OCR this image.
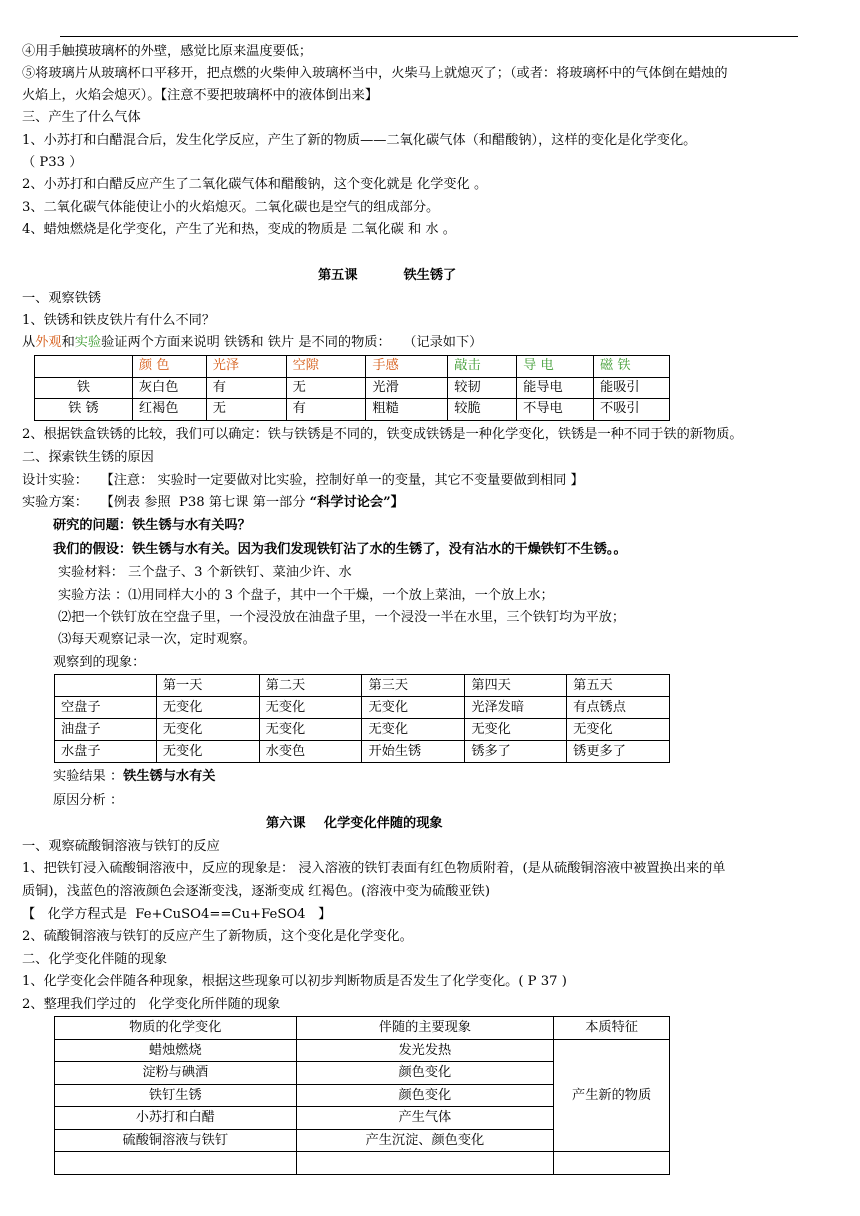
④用手触摸玻璃杯的外壁，感觉比原来温度要低；
⑤将玻璃片从玻璃杯口平移开，把点燃的火柴伸入玻璃杯当中，火柴马上就熄灭了；（或者：将玻璃杯中的气体倒在蜡烛的
火焰上，火焰会熄灭）。【注意不要把玻璃杯中的液体倒出来】
三、产生了什么气体
1、小苏打和白醋混合后，发生化学反应，产生了新的物质——二氧化碳气体（和醋酸钠），这样的变化是化学变化。
（ P33 ）
2、小苏打和白醋反应产生了二氧化碳气体和醋酸钠，这个变化就是 化学变化 。
3、二氧化碳气体能使让小的火焰熄灭。二氧化碳也是空气的组成部分。
4、蜡烛燃烧是化学变化，产生了光和热，变成的物质是 二氧化碳 和 水 。
第五课          铁生锈了
一、观察铁锈
1、铁锈和铁皮铁片有什么不同？
从外观和实验验证两个方面来说明 铁锈和 铁片 是不同的物质：   （记录如下）
	颜 色	光泽	空隙	手感	敲击	导 电	磁 铁
铁	灰白色	有	无	光滑	较韧	能导电	能吸引
铁 锈	红褐色	无	有	粗糙	较脆	不导电	不吸引
2、根据铁盒铁锈的比较，我们可以确定：铁与铁锈是不同的，铁变成铁锈是一种化学变化，铁锈是一种不同于铁的新物质。
二、探索铁生锈的原因
设计实验：   【注意： 实验时一定要做对比实验，控制好单一的变量，其它不变量要做到相同 】
实验方案：   【例表 参照  P38 第七课 第一部分 “科学讨论会”】
研究的问题：铁生锈与水有关吗？
我们的假设：铁生锈与水有关。因为我们发现铁钉沾了水的生锈了，没有沾水的干燥铁钉不生锈。。
实验材料： 三个盘子、3 个新铁钉、菜油少许、水
实验方法 ：⑴用同样大小的 3 个盘子，其中一个干燥，一个放上菜油，一个放上水；
⑵把一个铁钉放在空盘子里，一个浸没放在油盘子里，一个浸没一半在水里，三个铁钉均为平放；
⑶每天观察记录一次，定时观察。
观察到的现象：
	第一天	第二天	第三天	第四天	第五天
空盘子	无变化	无变化	无变化	光泽发暗	有点锈点
油盘子	无变化	无变化	无变化	无变化	无变化
水盘子	无变化	水变色	开始生锈	锈多了	锈更多了
实验结果 ：铁生锈与水有关
原因分析 ：
第六课    化学变化伴随的现象
一、观察硫酸铜溶液与铁钉的反应
1、把铁钉浸入硫酸铜溶液中，反应的现象是： 浸入溶液的铁钉表面有红色物质附着，(是从硫酸铜溶液中被置换出来的单
质铜)，浅蓝色的溶液颜色会逐渐变浅，逐渐变成 红褐色。(溶液中变为硫酸亚铁)
【   化学方程式是  Fe+CuSO4==Cu+FeSO4   】
2、硫酸铜溶液与铁钉的反应产生了新物质，这个变化是化学变化。
二、化学变化伴随的现象
1、化学变化会伴随各种现象，根据这些现象可以初步判断物质是否发生了化学变化。( P 37 )
2、整理我们学过的   化学变化所伴随的现象
物质的化学变化	伴随的主要现象	本质特征
蜡烛燃烧	发光发热	产生新的物质
淀粉与碘酒	颜色变化	
铁钉生锈	颜色变化	
小苏打和白醋	产生气体	
硫酸铜溶液与铁钉	产生沉淀、颜色变化	
